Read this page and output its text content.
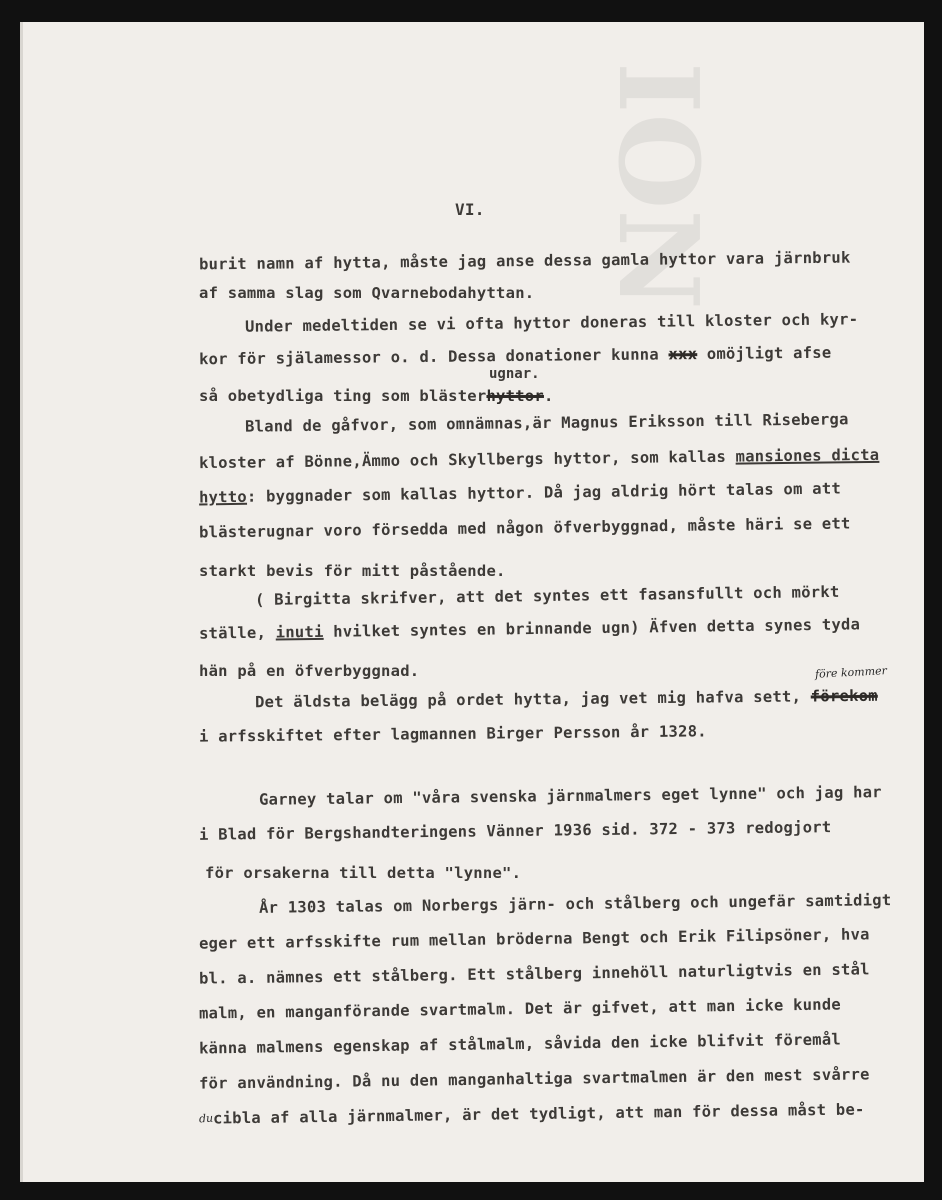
ION
VI.
burit namn af hytta, måste jag anse dessa gamla hyttor vara järnbruk
af samma slag som Qvarnebodahyttan.
Under medeltiden se vi ofta hyttor doneras till kloster och kyr-
kor för själamessor o. d. Dessa donationer kunna xxx omöjligt afse
ugnar.
så obetydliga ting som blästerhyttor.
Bland de gåfvor, som omnämnas,är Magnus Eriksson till Riseberga
kloster af Bönne,Ämmo och Skyllbergs hyttor, som kallas mansiones dicta
hytto: byggnader som kallas hyttor. Då jag aldrig hört talas om att
blästerugnar voro försedda med någon öfverbyggnad, måste häri se ett
starkt bevis för mitt påstående.
( Birgitta skrifver, att det syntes ett fasansfullt och mörkt
ställe, inuti hvilket syntes en brinnande ugn) Äfven detta synes tyda
hän på en öfverbyggnad.	före kommer
Det äldsta belägg på ordet hytta, jag vet mig hafva sett, förekom
i arfsskiftet efter lagmannen Birger Persson år 1328.
Garney talar om "våra svenska järnmalmers eget lynne" och jag har
i Blad för Bergshandteringens Vänner 1936 sid. 372 - 373 redogjort
för orsakerna till detta "lynne".
År 1303 talas om Norbergs järn- och stålberg och ungefär samtidigt
eger ett arfsskifte rum mellan bröderna Bengt och Erik Filipsöner, hva
bl. a. nämnes ett stålberg. Ett stålberg innehöll naturligtvis en stål
malm, en manganförande svartmalm. Det är gifvet, att man icke kunde
känna malmens egenskap af stålmalm, såvida den icke blifvit föremål
för användning. Då nu den manganhaltiga svartmalmen är den mest svårre
du cibla af alla järnmalmer, är det tydligt, att man för dessa måst be-
